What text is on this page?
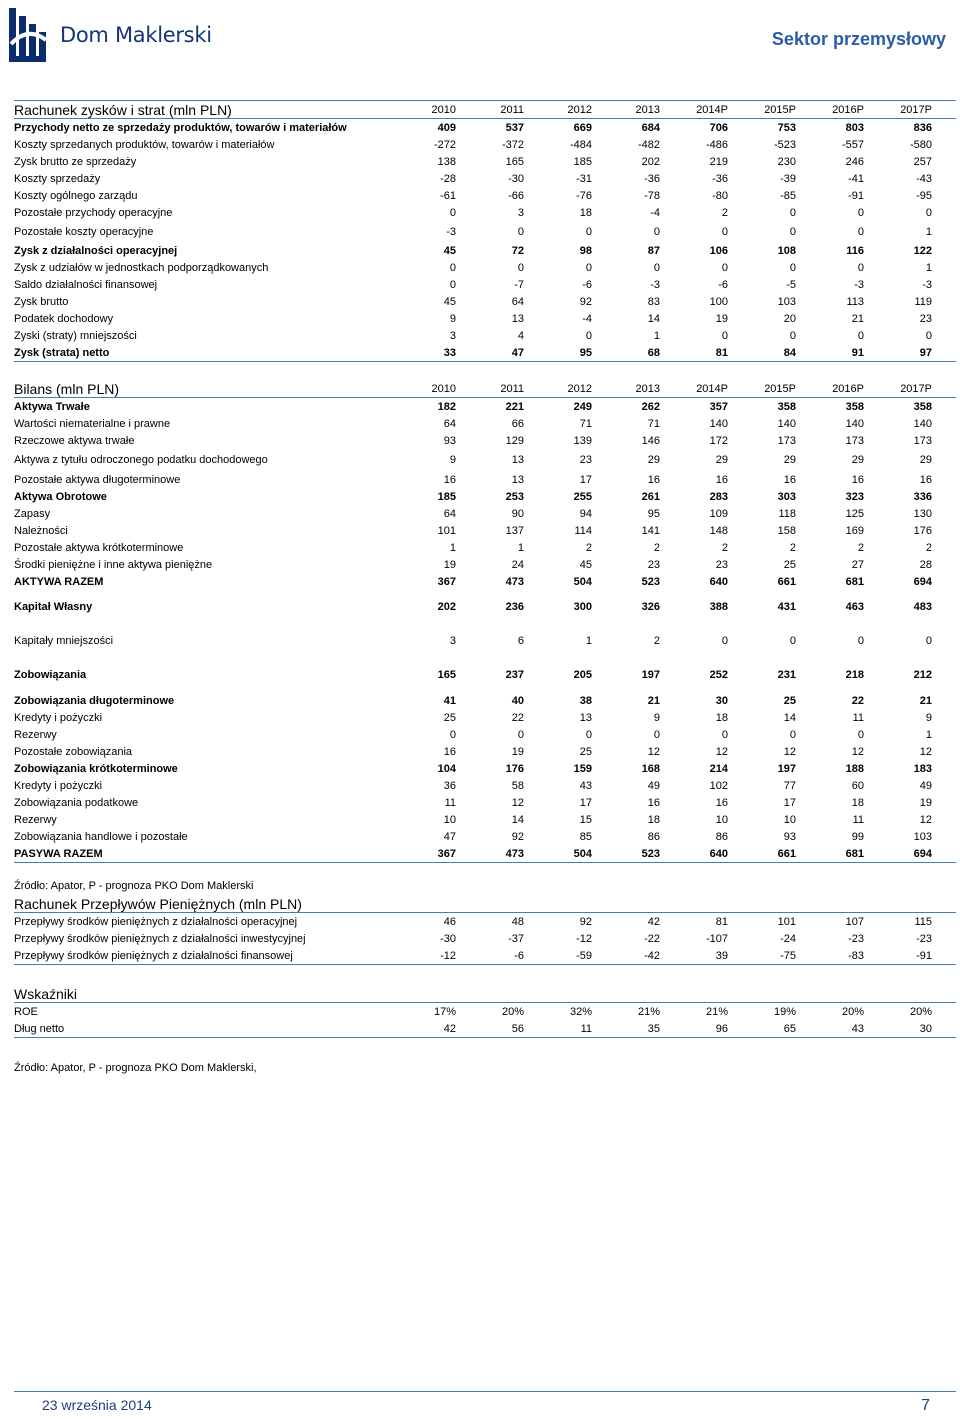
Dom Maklerski	Sektor przemysłowy
Rachunek zysków i strat (mln PLN)	2010	2011	2012	2013	2014P	2015P	2016P	2017P
Przychody netto ze sprzedaży produktów, towarów i materiałów	409	537	669	684	706	753	803	836
Koszty sprzedanych produktów, towarów i materiałów	-272	-372	-484	-482	-486	-523	-557	-580
Zysk brutto ze sprzedaży	138	165	185	202	219	230	246	257
Koszty sprzedaży	-28	-30	-31	-36	-36	-39	-41	-43
Koszty ogólnego zarządu	-61	-66	-76	-78	-80	-85	-91	-95
Pozostałe przychody operacyjne	0	3	18	-4	2	0	0	0
Pozostałe koszty operacyjne	-3	0	0	0	0	0	0	1
Zysk z działalności operacyjnej	45	72	98	87	106	108	116	122
Zysk z udziałów w jednostkach podporządkowanych	0	0	0	0	0	0	0	1
Saldo działalności finansowej	0	-7	-6	-3	-6	-5	-3	-3
Zysk brutto	45	64	92	83	100	103	113	119
Podatek dochodowy	9	13	-4	14	19	20	21	23
Zyski (straty) mniejszości	3	4	0	1	0	0	0	0
Zysk (strata) netto	33	47	95	68	81	84	91	97
Bilans (mln PLN)	2010	2011	2012	2013	2014P	2015P	2016P	2017P
Aktywa Trwałe	182	221	249	262	357	358	358	358
Wartości niematerialne i prawne	64	66	71	71	140	140	140	140
Rzeczowe aktywa trwałe	93	129	139	146	172	173	173	173
Aktywa z tytułu odroczonego podatku dochodowego	9	13	23	29	29	29	29	29
Pozostałe aktywa długoterminowe	16	13	17	16	16	16	16	16
Aktywa Obrotowe	185	253	255	261	283	303	323	336
Zapasy	64	90	94	95	109	118	125	130
Należności	101	137	114	141	148	158	169	176
Pozostałe aktywa krótkoterminowe	1	1	2	2	2	2	2	2
Środki pieniężne i inne aktywa pieniężne	19	24	45	23	23	25	27	28
AKTYWA RAZEM	367	473	504	523	640	661	681	694
Kapitał Własny	202	236	300	326	388	431	463	483
Kapitały mniejszości	3	6	1	2	0	0	0	0
Zobowiązania	165	237	205	197	252	231	218	212
Zobowiązania długoterminowe	41	40	38	21	30	25	22	21
Kredyty i pożyczki	25	22	13	9	18	14	11	9
Rezerwy	0	0	0	0	0	0	0	1
Pozostałe zobowiązania	16	19	25	12	12	12	12	12
Zobowiązania krótkoterminowe	104	176	159	168	214	197	188	183
Kredyty i pożyczki	36	58	43	49	102	77	60	49
Zobowiązania podatkowe	11	12	17	16	16	17	18	19
Rezerwy	10	14	15	18	10	10	11	12
Zobowiązania handlowe i pozostałe	47	92	85	86	86	93	99	103
PASYWA RAZEM	367	473	504	523	640	661	681	694
Źródło: Apator, P - prognoza PKO Dom Maklerski
Rachunek Przepływów Pieniężnych (mln PLN)								
Przepływy środków pieniężnych z działalności operacyjnej	46	48	92	42	81	101	107	115
Przepływy środków pieniężnych z działalności inwestycyjnej	-30	-37	-12	-22	-107	-24	-23	-23
Przepływy środków pieniężnych z działalności finansowej	-12	-6	-59	-42	39	-75	-83	-91
Wskaźniki								
ROE	17%	20%	32%	21%	21%	19%	20%	20%
Dług netto	42	56	11	35	96	65	43	30
Źródło: Apator, P - prognoza PKO Dom Maklerski,
23 września 2014	7
